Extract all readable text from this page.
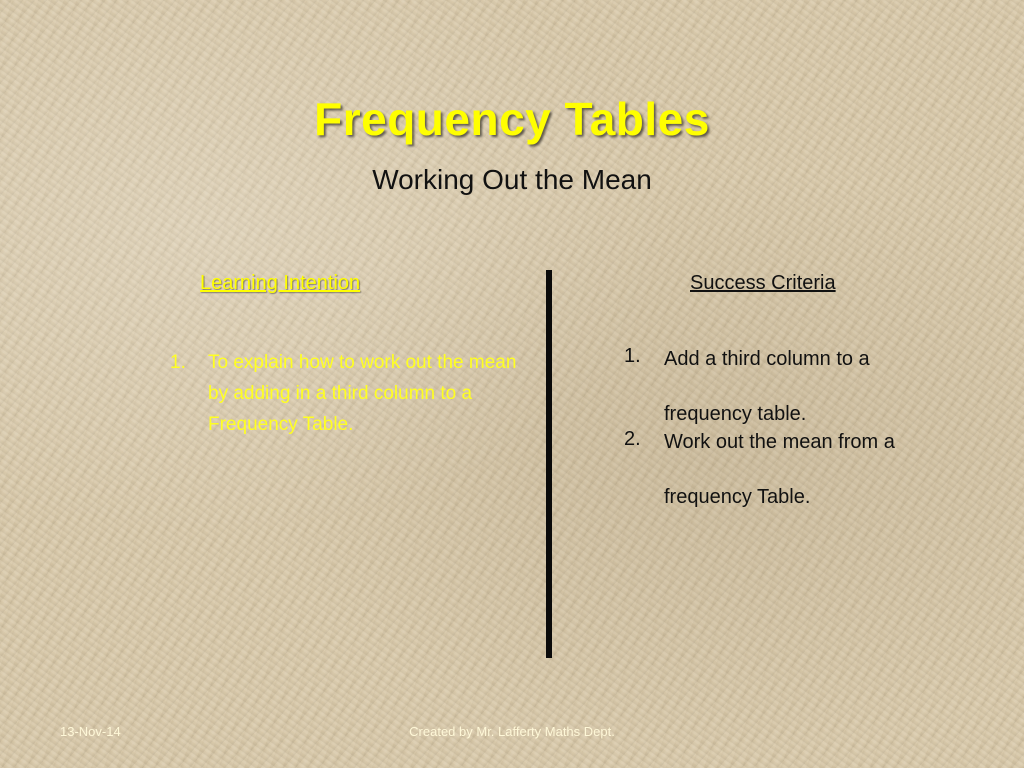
Frequency Tables
Working Out the Mean
Learning Intention	Success Criteria
1.	To explain how to work out the mean by adding in a third column to a Frequency Table.
1.	Add a third column to a
frequency table.
2.	Work out the mean from a
frequency Table.
13-Nov-14	Created by Mr. Lafferty Maths Dept.
